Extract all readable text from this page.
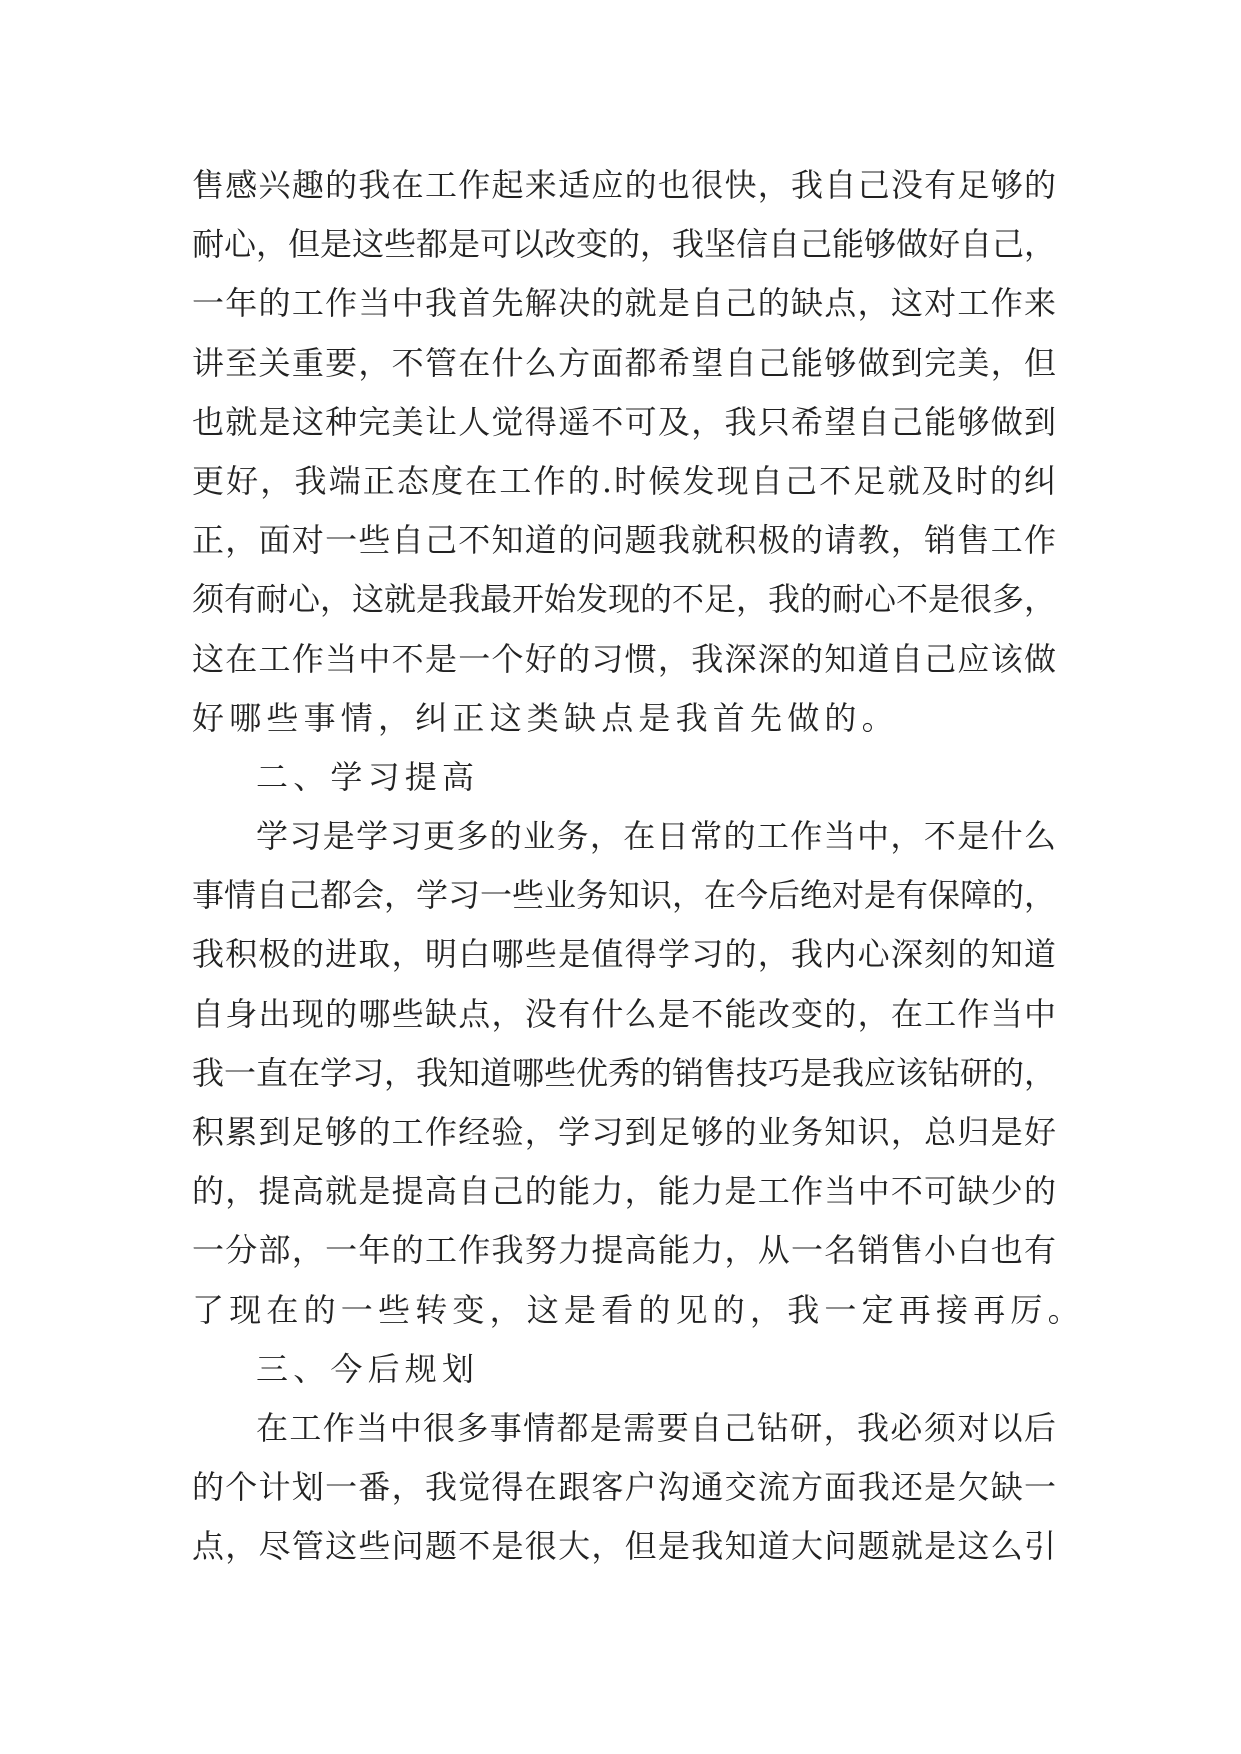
售感兴趣的我在工作起来适应的也很快，我自己没有足够的
耐心，但是这些都是可以改变的，我坚信自己能够做好自己，
一年的工作当中我首先解决的就是自己的缺点，这对工作来
讲至关重要，不管在什么方面都希望自己能够做到完美，但
也就是这种完美让人觉得遥不可及，我只希望自己能够做到
更好，我端正态度在工作的.时候发现自己不足就及时的纠
正，面对一些自己不知道的问题我就积极的请教，销售工作
须有耐心，这就是我最开始发现的不足，我的耐心不是很多，
这在工作当中不是一个好的习惯，我深深的知道自己应该做
好哪些事情，纠正这类缺点是我首先做的。
二、学习提高
学习是学习更多的业务，在日常的工作当中，不是什么
事情自己都会，学习一些业务知识，在今后绝对是有保障的，
我积极的进取，明白哪些是值得学习的，我内心深刻的知道
自身出现的哪些缺点，没有什么是不能改变的，在工作当中
我一直在学习，我知道哪些优秀的销售技巧是我应该钻研的，
积累到足够的工作经验，学习到足够的业务知识，总归是好
的，提高就是提高自己的能力，能力是工作当中不可缺少的
一分部，一年的工作我努力提高能力，从一名销售小白也有
了现在的一些转变，这是看的见的，我一定再接再厉。
三、今后规划
在工作当中很多事情都是需要自己钻研，我必须对以后
的个计划一番，我觉得在跟客户沟通交流方面我还是欠缺一
点，尽管这些问题不是很大，但是我知道大问题就是这么引
